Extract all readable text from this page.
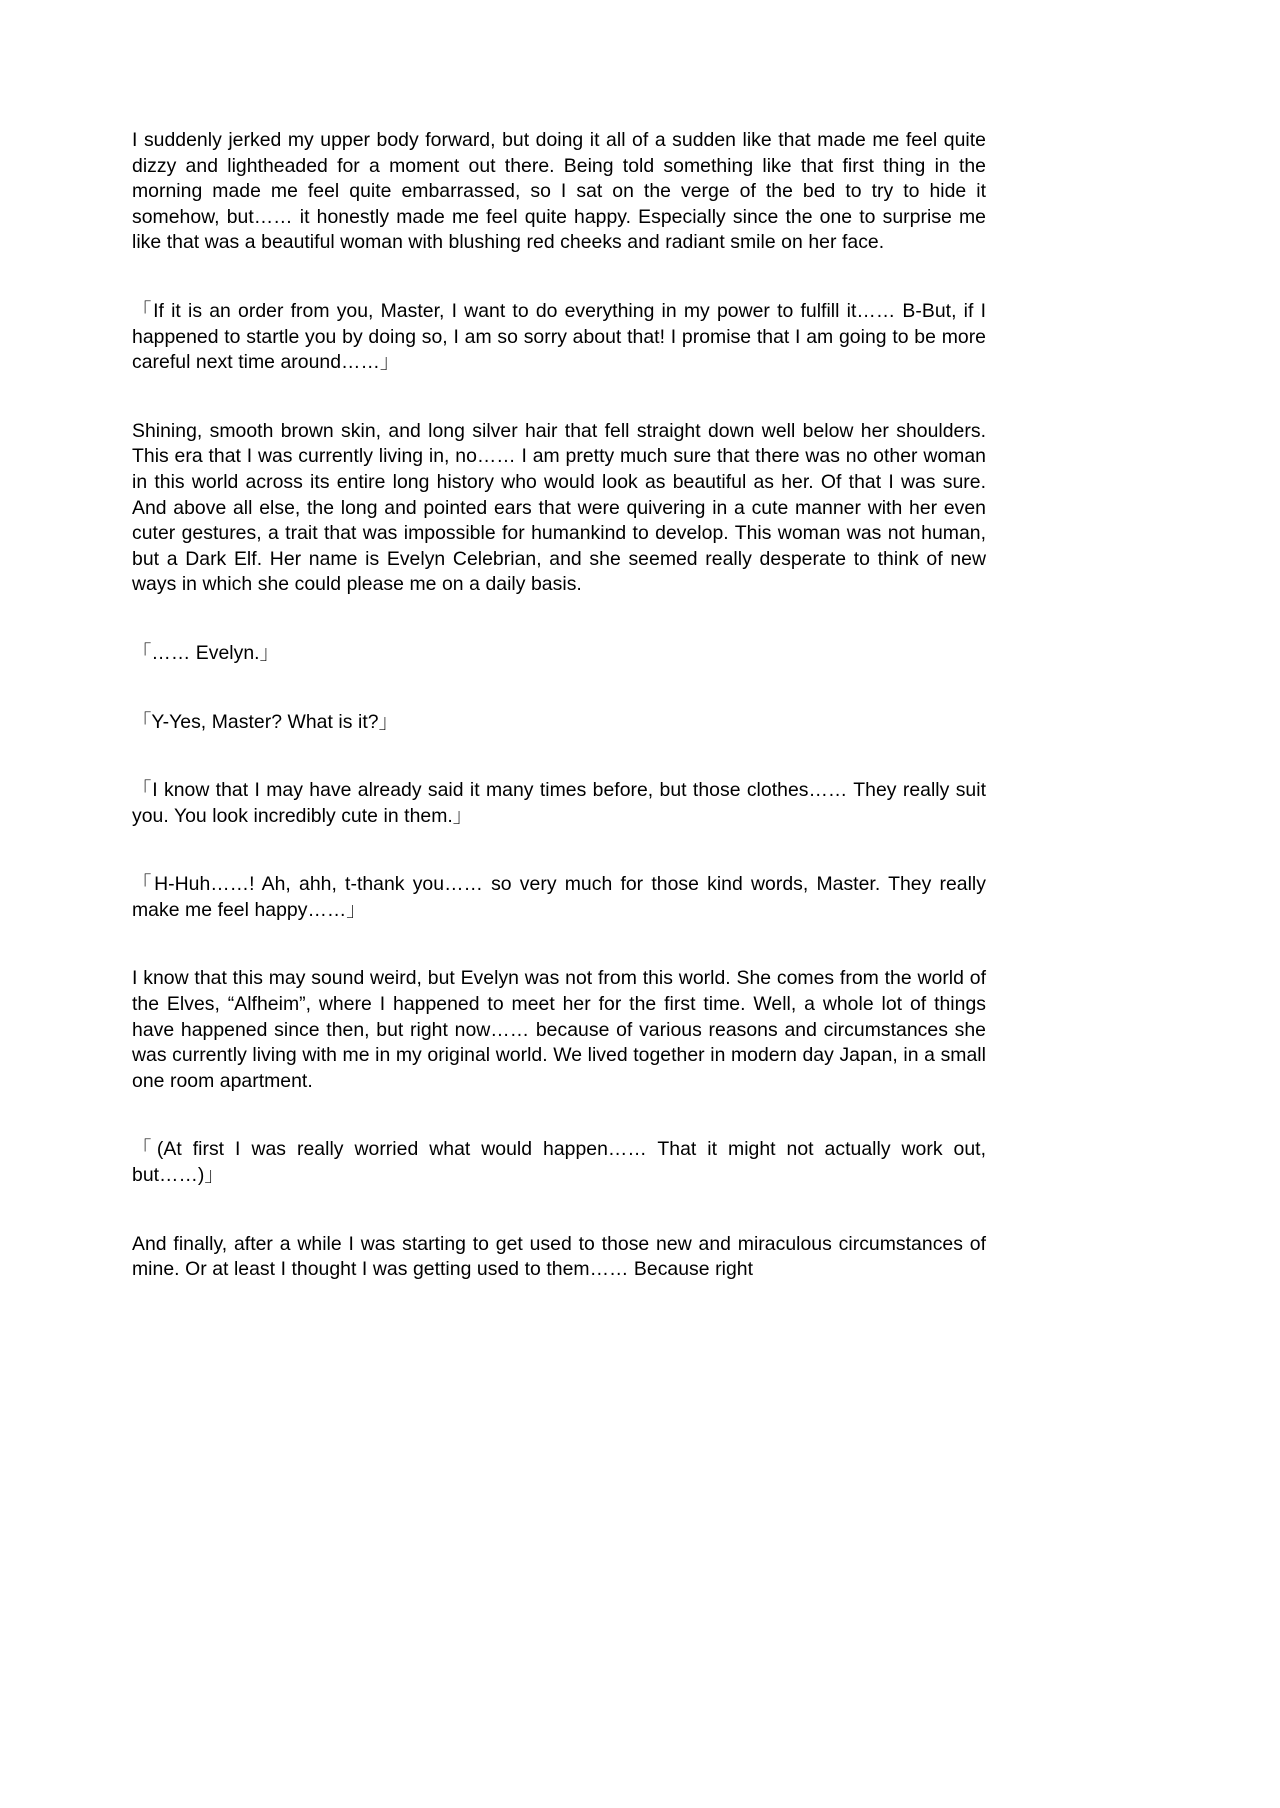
I suddenly jerked my upper body forward, but doing it all of a sudden like that made me feel quite dizzy and lightheaded for a moment out there. Being told something like that first thing in the morning made me feel quite embarrassed, so I sat on the verge of the bed to try to hide it somehow, but…… it honestly made me feel quite happy. Especially since the one to surprise me like that was a beautiful woman with blushing red cheeks and radiant smile on her face.

「If it is an order from you, Master, I want to do everything in my power to fulfill it…… B-But, if I happened to startle you by doing so, I am so sorry about that! I promise that I am going to be more careful next time around……」

Shining, smooth brown skin, and long silver hair that fell straight down well below her shoulders. This era that I was currently living in, no…… I am pretty much sure that there was no other woman in this world across its entire long history who would look as beautiful as her. Of that I was sure. And above all else, the long and pointed ears that were quivering in a cute manner with her even cuter gestures, a trait that was impossible for humankind to develop. This woman was not human, but a Dark Elf. Her name is Evelyn Celebrian, and she seemed really desperate to think of new ways in which she could please me on a daily basis.

「…… Evelyn.」

「Y-Yes, Master? What is it?」

「I know that I may have already said it many times before, but those clothes…… They really suit you. You look incredibly cute in them.」

「H-Huh……! Ah, ahh, t-thank you…… so very much for those kind words, Master. They really make me feel happy……」

I know that this may sound weird, but Evelyn was not from this world. She comes from the world of the Elves, “Alfheim”, where I happened to meet her for the first time. Well, a whole lot of things have happened since then, but right now…… because of various reasons and circumstances she was currently living with me in my original world. We lived together in modern day Japan, in a small one room apartment.

「(At first I was really worried what would happen…… That it might not actually work out, but……)」

And finally, after a while I was starting to get used to those new and miraculous circumstances of mine. Or at least I thought I was getting used to them…… Because right
